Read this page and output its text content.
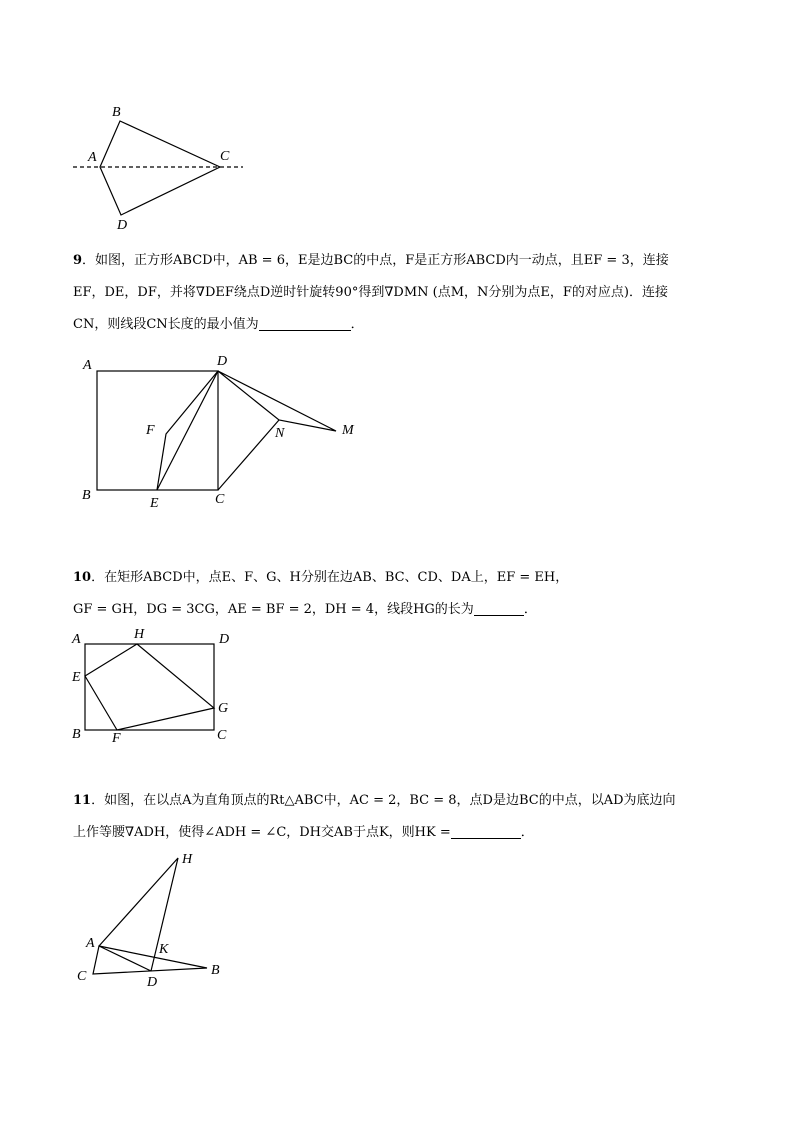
B
A	C
D
9．如图，正方形ABCD中，AB = 6，E是边BC的中点，F是正方形ABCD内一动点，且EF = 3，连接
EF，DE，DF，并将∇DEF绕点D逆时针旋转90°得到∇DMN (点M，N分别为点E，F的对应点)．连接
CN，则线段CN长度的最小值为	．
A	D
F	N	M
B
E	C
10．在矩形ABCD中，点E、F、G、H分别在边AB、BC、CD、DA上，EF = EH，
GF = GH，DG = 3CG，AE = BF = 2，DH = 4，线段HG的长为	．
A	H	D
E
G
B F	C
11．如图，在以点A为直角顶点的Rt△ABC中，AC = 2，BC = 8，点D是边BC的中点，以AD为底边向
上作等腰∇ADH，使得∠ADH = ∠C，DH交AB于点K，则HK =	．
H
A	K
C	B
D
